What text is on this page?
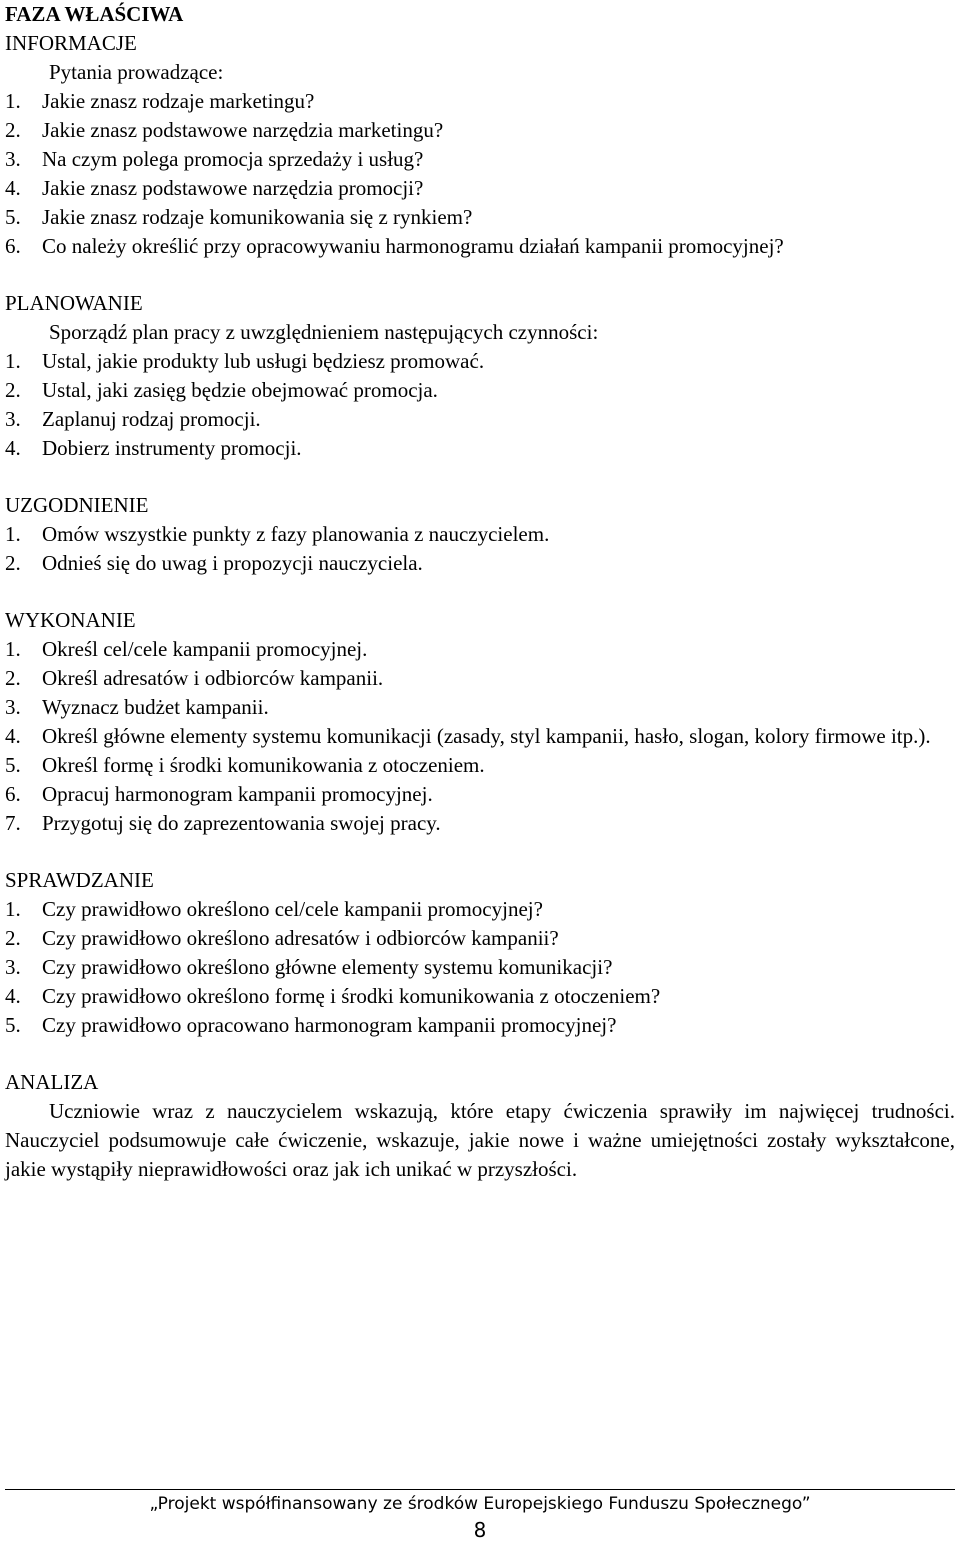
FAZA WŁAŚCIWA
INFORMACJE
Pytania prowadzące:
1. Jakie znasz rodzaje marketingu?
2. Jakie znasz podstawowe narzędzia marketingu?
3. Na czym polega promocja sprzedaży i usług?
4. Jakie znasz podstawowe narzędzia promocji?
5. Jakie znasz rodzaje komunikowania się z rynkiem?
6. Co należy określić przy opracowywaniu harmonogramu działań kampanii promocyjnej?
PLANOWANIE
Sporządź plan pracy z uwzględnieniem następujących czynności:
1. Ustal, jakie produkty lub usługi będziesz promować.
2. Ustal, jaki zasięg będzie obejmować promocja.
3. Zaplanuj rodzaj promocji.
4. Dobierz instrumenty promocji.
UZGODNIENIE
1. Omów wszystkie punkty z fazy planowania z nauczycielem.
2. Odnieś się do uwag i propozycji nauczyciela.
WYKONANIE
1. Określ cel/cele kampanii promocyjnej.
2. Określ adresatów i odbiorców kampanii.
3. Wyznacz budżet kampanii.
4. Określ główne elementy systemu komunikacji (zasady, styl kampanii, hasło, slogan, kolory firmowe itp.).
5. Określ formę i środki komunikowania z otoczeniem.
6. Opracuj harmonogram kampanii promocyjnej.
7. Przygotuj się do zaprezentowania swojej pracy.
SPRAWDZANIE
1. Czy prawidłowo określono cel/cele kampanii promocyjnej?
2. Czy prawidłowo określono adresatów i odbiorców kampanii?
3. Czy prawidłowo określono główne elementy systemu komunikacji?
4. Czy prawidłowo określono formę i środki komunikowania z otoczeniem?
5. Czy prawidłowo opracowano harmonogram kampanii promocyjnej?
ANALIZA

Uczniowie wraz z nauczycielem wskazują, które etapy ćwiczenia sprawiły im najwięcej trudności. Nauczyciel podsumowuje całe ćwiczenie, wskazuje, jakie nowe i ważne umiejętności zostały wykształcone, jakie wystąpiły nieprawidłowości oraz jak ich unikać w przyszłości.

„Projekt współfinansowany ze środków Europejskiego Funduszu Społecznego”
8
